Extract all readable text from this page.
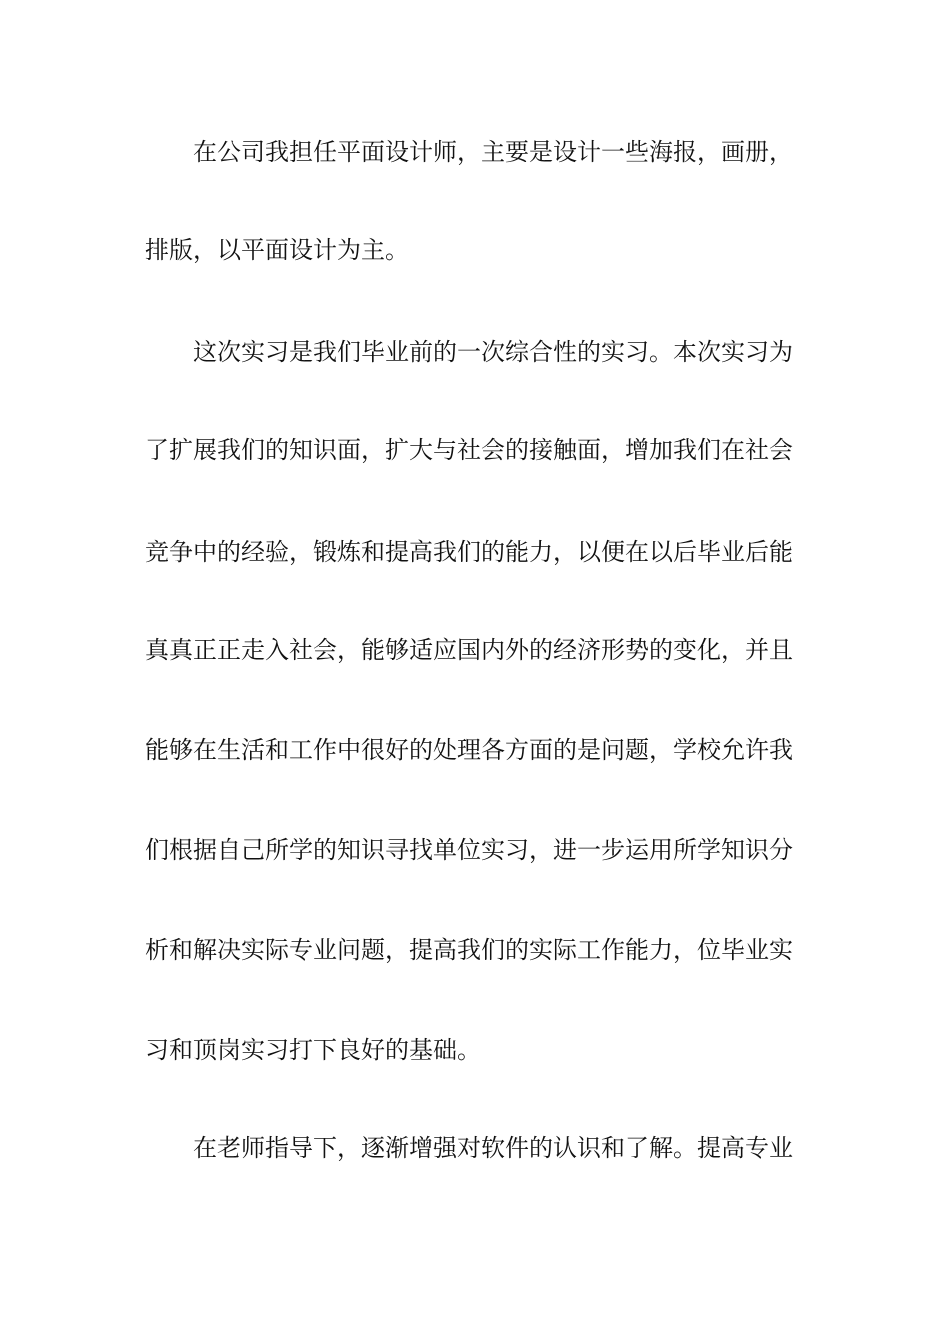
在公司我担任平面设计师，主要是设计一些海报，画册，

排版，以平面设计为主。

这次实习是我们毕业前的一次综合性的实习。本次实习为

了扩展我们的知识面，扩大与社会的接触面，增加我们在社会

竞争中的经验，锻炼和提高我们的能力，以便在以后毕业后能

真真正正走入社会，能够适应国内外的经济形势的变化，并且

能够在生活和工作中很好的处理各方面的是问题，学校允许我

们根据自己所学的知识寻找单位实习，进一步运用所学知识分

析和解决实际专业问题，提高我们的实际工作能力，位毕业实

习和顶岗实习打下良好的基础。

在老师指导下，逐渐增强对软件的认识和了解。提高专业
